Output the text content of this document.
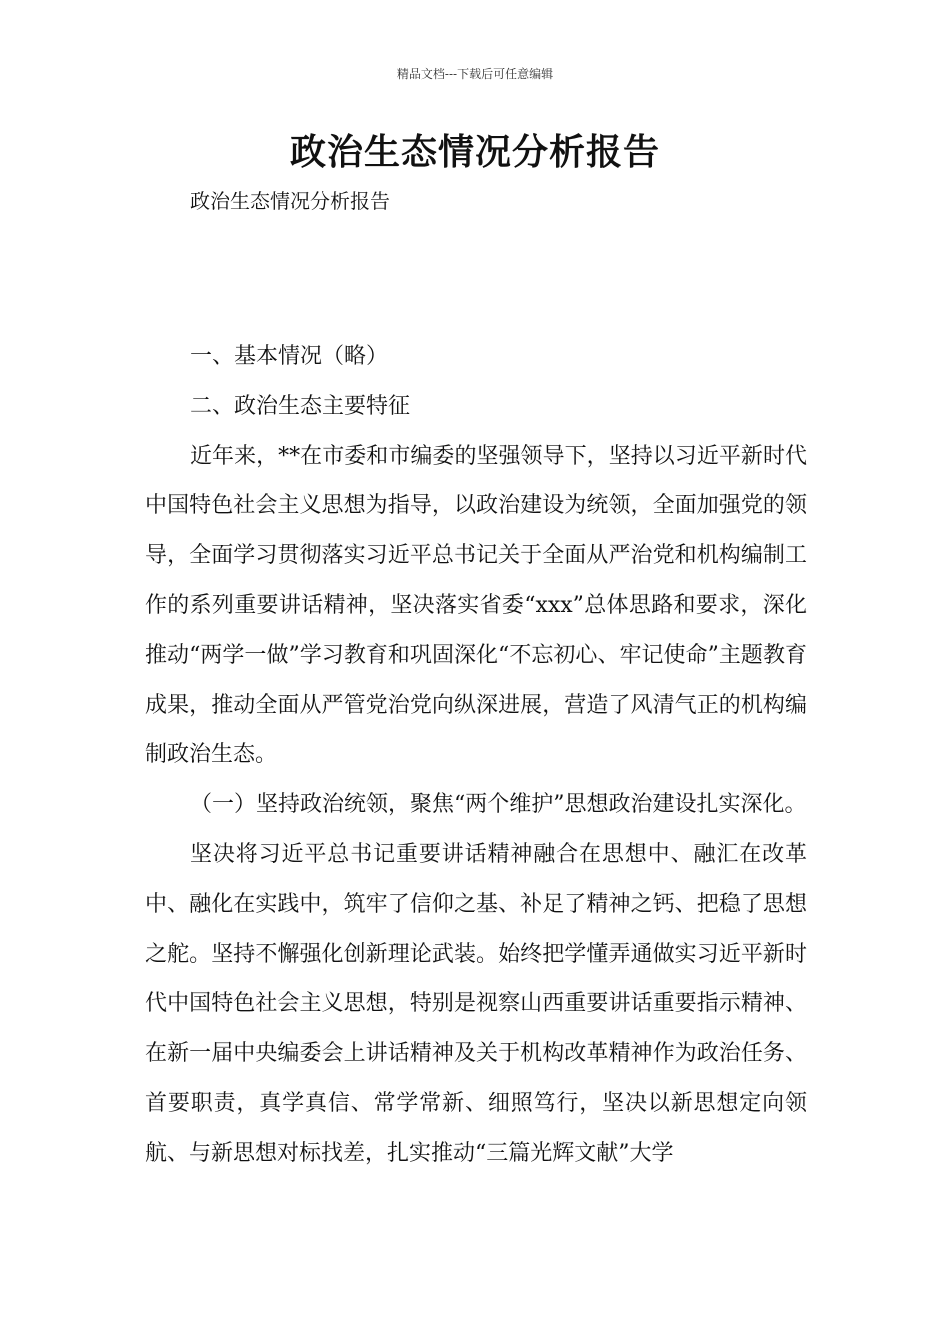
精品文档---下载后可任意编辑
政治生态情况分析报告
政治生态情况分析报告

一、基本情况（略）

二、政治生态主要特征

近年来，**在市委和市编委的坚强领导下，坚持以习近平新时代中国特色社会主义思想为指导，以政治建设为统领，全面加强党的领导，全面学习贯彻落实习近平总书记关于全面从严治党和机构编制工作的系列重要讲话精神，坚决落实省委“xxx”总体思路和要求，深化推动“两学一做”学习教育和巩固深化“不忘初心、牢记使命”主题教育成果，推动全面从严管党治党向纵深进展，营造了风清气正的机构编制政治生态。

（一）坚持政治统领，聚焦“两个维护”思想政治建设扎实深化。

坚决将习近平总书记重要讲话精神融合在思想中、融汇在改革中、融化在实践中，筑牢了信仰之基、补足了精神之钙、把稳了思想之舵。坚持不懈强化创新理论武装。始终把学懂弄通做实习近平新时代中国特色社会主义思想，特别是视察山西重要讲话重要指示精神、在新一届中央编委会上讲话精神及关于机构改革精神作为政治任务、首要职责，真学真信、常学常新、细照笃行，坚决以新思想定向领航、与新思想对标找差，扎实推动“三篇光辉文献”大学
